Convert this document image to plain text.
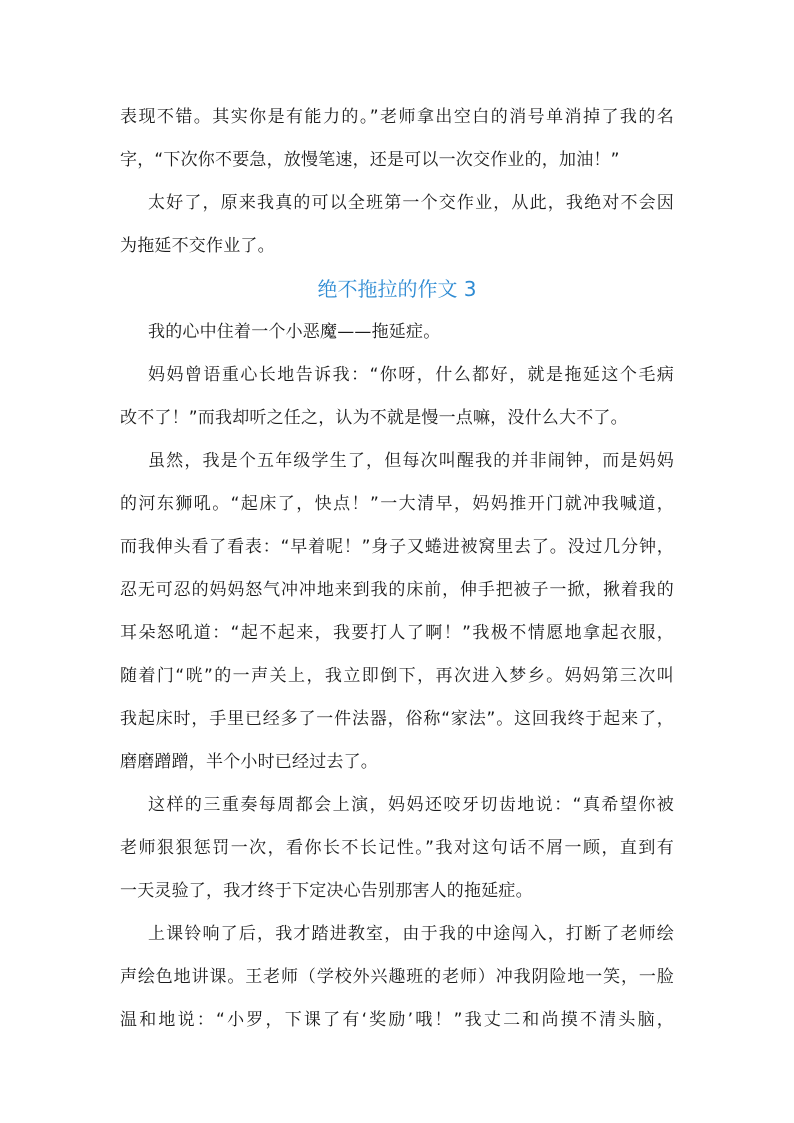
表现不错。其实你是有能力的。”老师拿出空白的消号单消掉了我的名
字，“下次你不要急，放慢笔速，还是可以一次交作业的，加油！”
太好了，原来我真的可以全班第一个交作业，从此，我绝对不会因
为拖延不交作业了。
绝不拖拉的作文 3
我的心中住着一个小恶魔——拖延症。
妈妈曾语重心长地告诉我：“你呀，什么都好，就是拖延这个毛病
改不了！”而我却听之任之，认为不就是慢一点嘛，没什么大不了。
虽然，我是个五年级学生了，但每次叫醒我的并非闹钟，而是妈妈
的河东狮吼。“起床了，快点！”一大清早，妈妈推开门就冲我喊道，
而我伸头看了看表：“早着呢！”身子又蜷进被窝里去了。没过几分钟，
忍无可忍的妈妈怒气冲冲地来到我的床前，伸手把被子一掀，揪着我的
耳朵怒吼道：“起不起来，我要打人了啊！”我极不情愿地拿起衣服，
随着门“咣”的一声关上，我立即倒下，再次进入梦乡。妈妈第三次叫
我起床时，手里已经多了一件法器，俗称“家法”。这回我终于起来了，
磨磨蹭蹭，半个小时已经过去了。
这样的三重奏每周都会上演，妈妈还咬牙切齿地说：“真希望你被
老师狠狠惩罚一次，看你长不长记性。”我对这句话不屑一顾，直到有
一天灵验了，我才终于下定决心告别那害人的拖延症。
上课铃响了后，我才踏进教室，由于我的中途闯入，打断了老师绘
声绘色地讲课。王老师（学校外兴趣班的老师）冲我阴险地一笑，一脸
温和地说：“小罗，下课了有‘奖励’哦！”我丈二和尚摸不清头脑，
